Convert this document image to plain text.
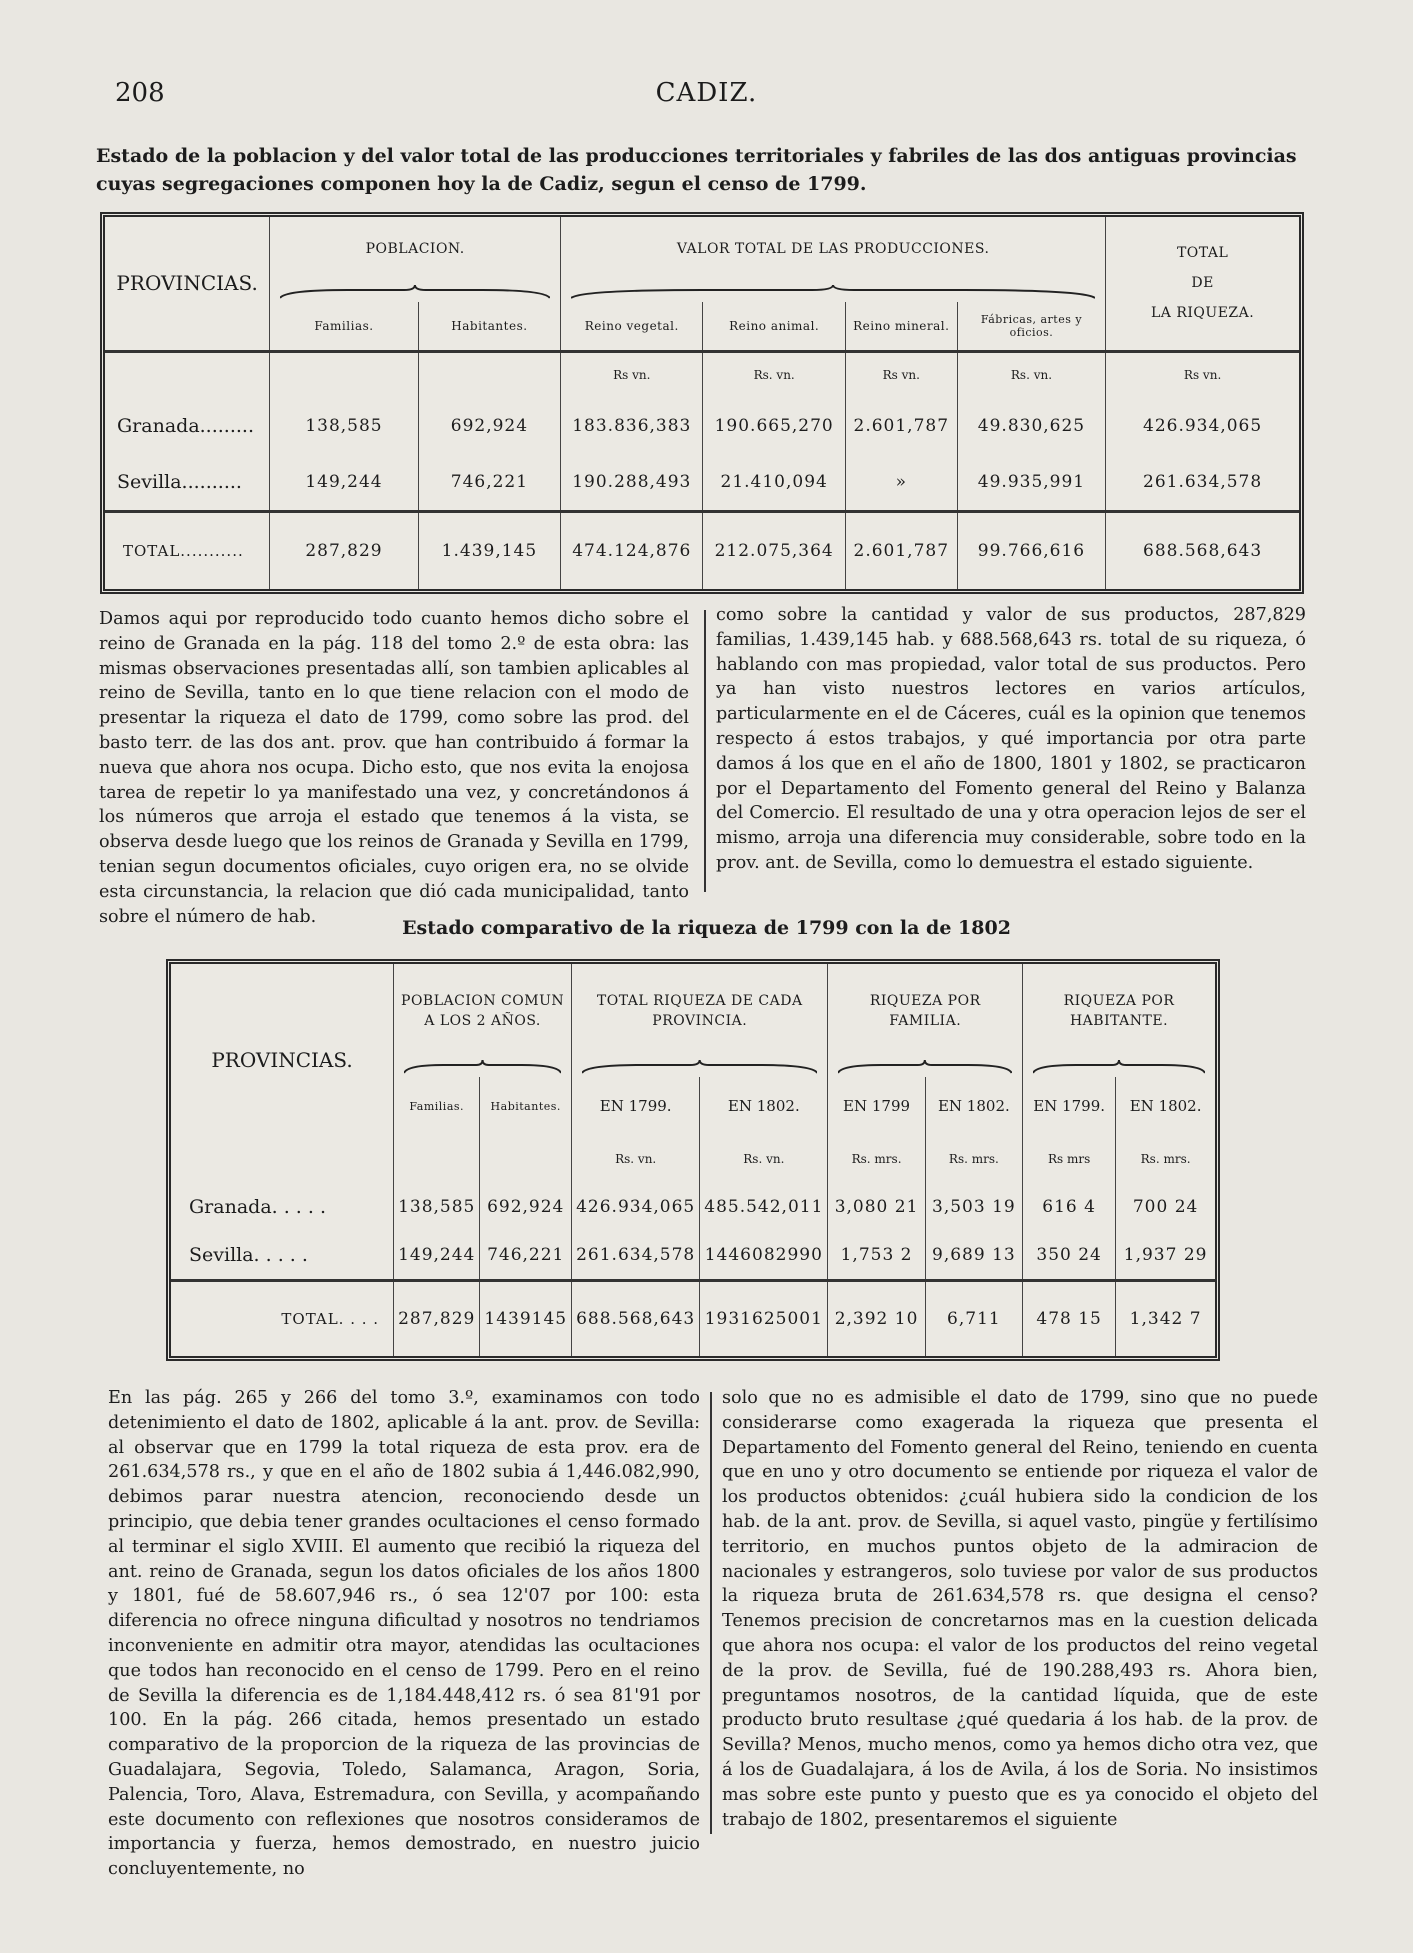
208	CADIZ.
Estado de la poblacion y del valor total de las producciones territoriales y fabriles de las dos antiguas provincias cuyas segregaciones componen hoy la de Cadiz, segun el censo de 1799.
PROVINCIAS.	POBLACION.		VALOR TOTAL DE LAS PRODUCCIONES.				TOTAL
DE
LA RIQUEZA.

	Familias.	Habitantes.	Reino vegetal.	Reino animal.	Reino mineral.	Fábricas, artes y oficios.	
			Rs vn.	Rs. vn.	Rs vn.	Rs. vn.	Rs vn.
Granada.........	138,585	692,924	183.836,383	190.665,270	2.601,787	49.830,625	426.934,065
Sevilla..........	149,244	746,221	190.288,493	21.410,094	»	49.935,991	261.634,578
TOTAL...........	287,829	1.439,145	474.124,876	212.075,364	2.601,787	99.766,616	688.568,643
Damos aqui por reproducido todo cuanto hemos dicho sobre el reino de Granada en la pág. 118 del tomo 2.º de esta obra: las mismas observaciones presentadas allí, son tambien aplicables al reino de Sevilla, tanto en lo que tiene relacion con el modo de presentar la riqueza el dato de 1799, como sobre las prod. del basto terr. de las dos ant. prov. que han contribuido á formar la nueva que ahora nos ocupa. Dicho esto, que nos evita la enojosa tarea de repetir lo ya manifestado una vez, y concretándonos á los números que arroja el estado que tenemos á la vista, se observa desde luego que los reinos de Granada y Sevilla en 1799, tenian segun documentos oficiales, cuyo origen era, no se olvide esta circunstancia, la relacion que dió cada municipalidad, tanto sobre el número de hab.
como sobre la cantidad y valor de sus productos, 287,829 familias, 1.439,145 hab. y 688.568,643 rs. total de su riqueza, ó hablando con mas propiedad, valor total de sus productos. Pero ya han visto nuestros lectores en varios artículos, particularmente en el de Cáceres, cuál es la opinion que tenemos respecto á estos trabajos, y qué importancia por otra parte damos á los que en el año de 1800, 1801 y 1802, se practicaron por el Departamento del Fomento general del Reino y Balanza del Comercio. El resultado de una y otra operacion lejos de ser el mismo, arroja una diferencia muy considerable, sobre todo en la prov. ant. de Sevilla, como lo demuestra el estado siguiente.
Estado comparativo de la riqueza de 1799 con la de 1802
PROVINCIAS.	POBLACION COMUN A LOS 2 AÑOS.		TOTAL RIQUEZA DE CADA PROVINCIA.		RIQUEZA POR FAMILIA.		RIQUEZA POR HABITANTE.	

	Familias.	Habitantes.	EN 1799.	EN 1802.	EN 1799	EN 1802.	EN 1799.	EN 1802.
			Rs. vn.	Rs. vn.	Rs. mrs.	Rs. mrs.	Rs mrs	Rs. mrs.
Granada. . . . .	138,585	692,924	426.934,065	485.542,011	3,080 21	3,503 19	616 4	700 24
Sevilla. . . . .	149,244	746,221	261.634,578	1446082990	1,753 2	9,689 13	350 24	1,937 29
TOTAL. . . .	287,829	1439145	688.568,643	1931625001	2,392 10	6,711	478 15	1,342 7
En las pág. 265 y 266 del tomo 3.º, examinamos con todo detenimiento el dato de 1802, aplicable á la ant. prov. de Sevilla: al observar que en 1799 la total riqueza de esta prov. era de 261.634,578 rs., y que en el año de 1802 subia á 1,446.082,990, debimos parar nuestra atencion, reconociendo desde un principio, que debia tener grandes ocultaciones el censo formado al terminar el siglo XVIII. El aumento que recibió la riqueza del ant. reino de Granada, segun los datos oficiales de los años 1800 y 1801, fué de 58.607,946 rs., ó sea 12'07 por 100: esta diferencia no ofrece ninguna dificultad y nosotros no tendriamos inconveniente en admitir otra mayor, atendidas las ocultaciones que todos han reconocido en el censo de 1799. Pero en el reino de Sevilla la diferencia es de 1,184.448,412 rs. ó sea 81'91 por 100. En la pág. 266 citada, hemos presentado un estado comparativo de la proporcion de la riqueza de las provincias de Guadalajara, Segovia, Toledo, Salamanca, Aragon, Soria, Palencia, Toro, Alava, Estremadura, con Sevilla, y acompañando este documento con reflexiones que nosotros consideramos de importancia y fuerza, hemos demostrado, en nuestro juicio concluyentemente, no
solo que no es admisible el dato de 1799, sino que no puede considerarse como exagerada la riqueza que presenta el Departamento del Fomento general del Reino, teniendo en cuenta que en uno y otro documento se entiende por riqueza el valor de los productos obtenidos: ¿cuál hubiera sido la condicion de los hab. de la ant. prov. de Sevilla, si aquel vasto, pingüe y fertilísimo territorio, en muchos puntos objeto de la admiracion de nacionales y estrangeros, solo tuviese por valor de sus productos la riqueza bruta de 261.634,578 rs. que designa el censo? Tenemos precision de concretarnos mas en la cuestion delicada que ahora nos ocupa: el valor de los productos del reino vegetal de la prov. de Sevilla, fué de 190.288,493 rs. Ahora bien, preguntamos nosotros, de la cantidad líquida, que de este producto bruto resultase ¿qué quedaria á los hab. de la prov. de Sevilla? Menos, mucho menos, como ya hemos dicho otra vez, que á los de Guadalajara, á los de Avila, á los de Soria. No insistimos mas sobre este punto y puesto que es ya conocido el objeto del trabajo de 1802, presentaremos el siguiente
